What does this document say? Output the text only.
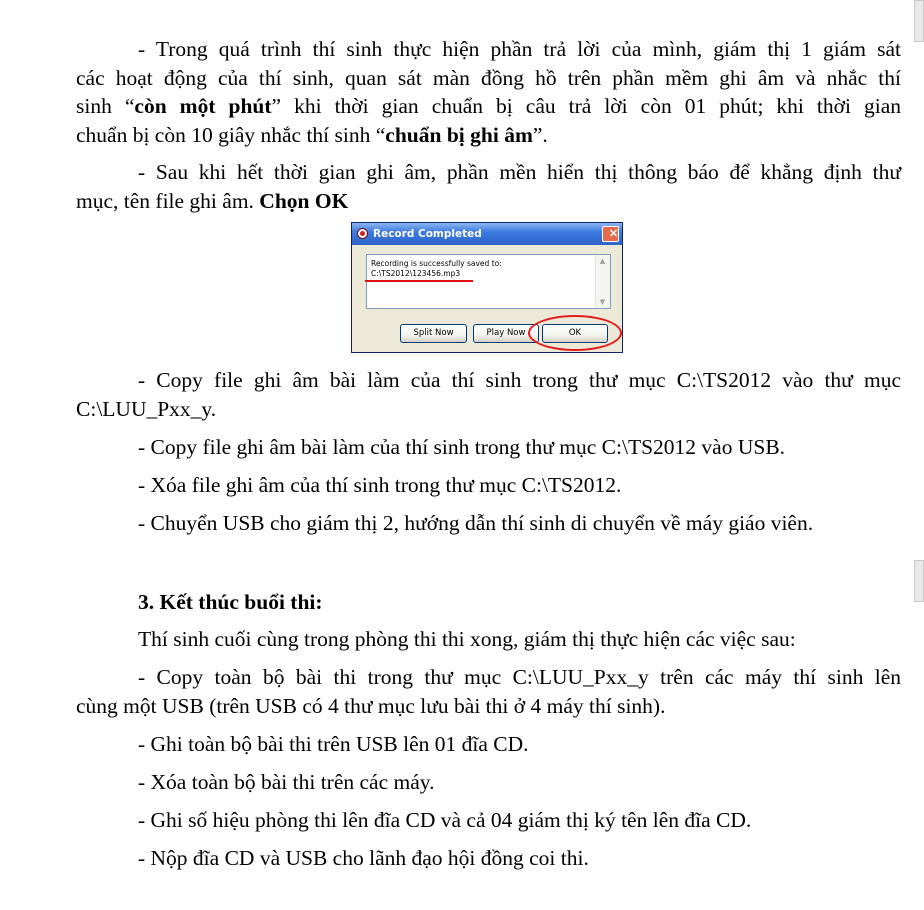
- Trong quá trình thí sinh thực hiện phần trả lời của mình, giám thị 1 giám sát
các hoạt động của thí sinh, quan sát màn đồng hồ trên phần mềm ghi âm và nhắc thí
sinh “còn một phút” khi thời gian chuẩn bị câu trả lời còn 01 phút; khi thời gian
chuẩn bị còn 10 giây nhắc thí sinh “chuẩn bị ghi âm”.

- Sau khi hết thời gian ghi âm, phần mền hiển thị thông báo để khẳng định thư
mục, tên file ghi âm. Chọn OK

Record Completed	✕
Recording is successfully saved to:
C:\TS2012\123456.mp3
▲
▼
Split Now	Play Now	OK

- Copy file ghi âm bài làm của thí sinh trong thư mục C:\TS2012 vào thư mục
C:\LUU_Pxx_y.

- Copy file ghi âm bài làm của thí sinh trong thư mục C:\TS2012 vào USB.

- Xóa file ghi âm của thí sinh trong thư mục C:\TS2012.

- Chuyển USB cho giám thị 2, hướng dẫn thí sinh di chuyển về máy giáo viên.

3. Kết thúc buổi thi:

Thí sinh cuối cùng trong phòng thi thi xong, giám thị thực hiện các việc sau:

- Copy toàn bộ bài thi trong thư mục C:\LUU_Pxx_y trên các máy thí sinh lên
cùng một USB (trên USB có 4 thư mục lưu bài thi ở 4 máy thí sinh).

- Ghi toàn bộ bài thi trên USB lên 01 đĩa CD.

- Xóa toàn bộ bài thi trên các máy.

- Ghi số hiệu phòng thi lên đĩa CD và cả 04 giám thị ký tên lên đĩa CD.

- Nộp đĩa CD và USB cho lãnh đạo hội đồng coi thi.
